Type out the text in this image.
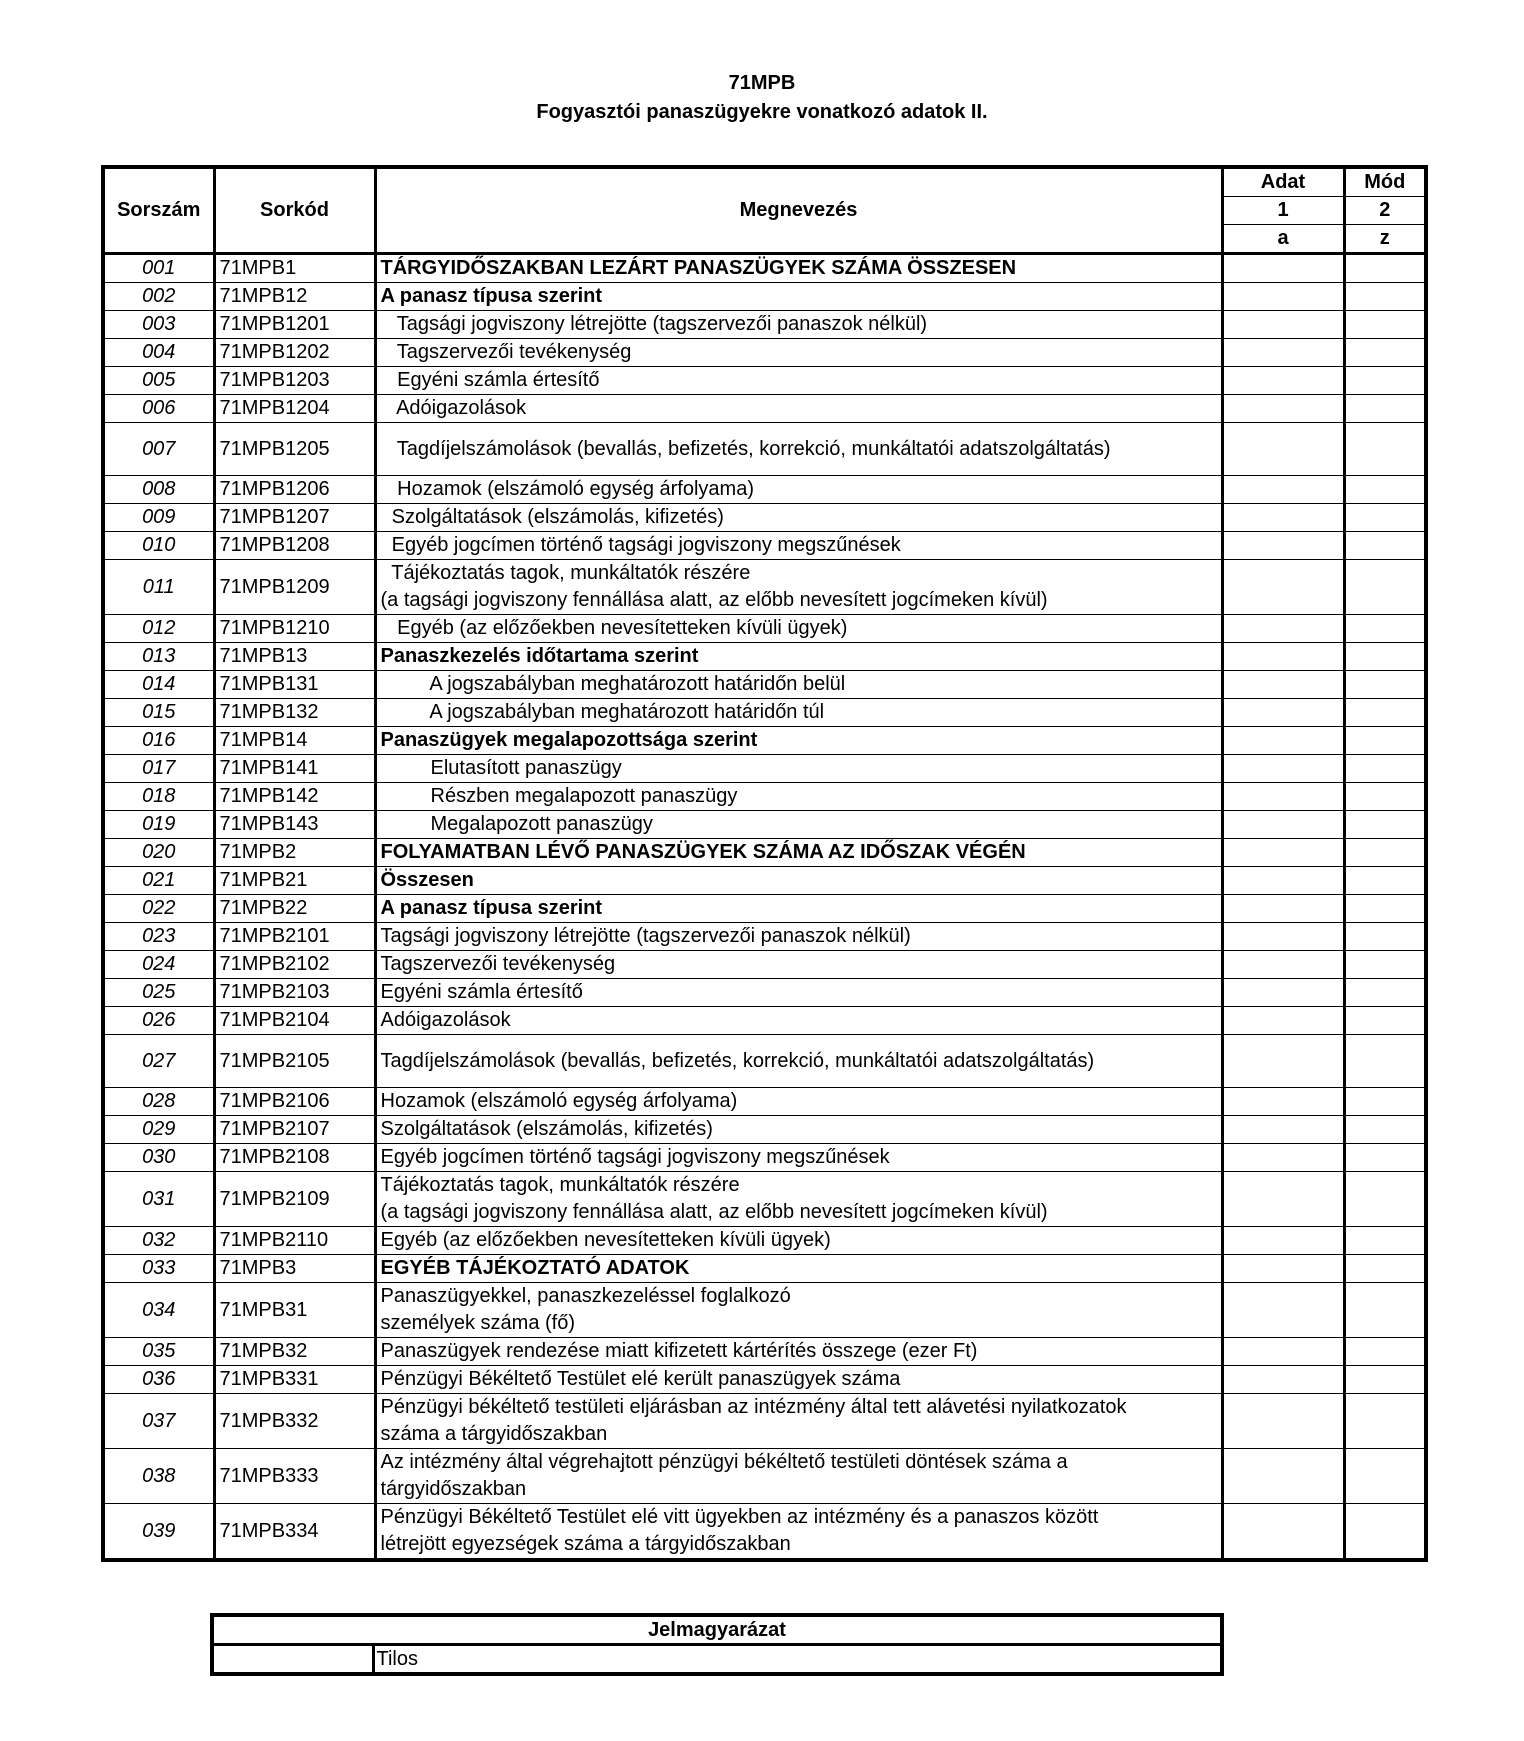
71MPB
Fogyasztói panaszügyekre vonatkozó adatok II.
Sorszám	Sorkód	Megnevezés	Adat	Mód
			1	2
			a	z
001	71MPB1	TÁRGYIDŐSZAKBAN LEZÁRT PANASZÜGYEK SZÁMA ÖSSZESEN		
002	71MPB12	A panasz típusa szerint		
003	71MPB1201	Tagsági jogviszony létrejötte (tagszervezői panaszok nélkül)		
004	71MPB1202	Tagszervezői tevékenység		
005	71MPB1203	Egyéni számla értesítő		
006	71MPB1204	Adóigazolások		
007	71MPB1205	Tagdíjelszámolások (bevallás, befizetés, korrekció, munkáltatói adatszolgáltatás)		
008	71MPB1206	Hozamok (elszámoló egység árfolyama)		
009	71MPB1207	Szolgáltatások (elszámolás, kifizetés)		
010	71MPB1208	Egyéb jogcímen történő tagsági jogviszony megszűnések		
011	71MPB1209	Tájékoztatás tagok, munkáltatók részére
(a tagsági jogviszony fennállása alatt, az előbb nevesített jogcímeken kívül)		

012	71MPB1210	Egyéb (az előzőekben nevesítetteken kívüli ügyek)		
013	71MPB13	Panaszkezelés időtartama szerint		
014	71MPB131	A jogszabályban meghatározott határidőn belül		
015	71MPB132	A jogszabályban meghatározott határidőn túl		
016	71MPB14	Panaszügyek megalapozottsága szerint		
017	71MPB141	Elutasított panaszügy		
018	71MPB142	Részben megalapozott panaszügy		
019	71MPB143	Megalapozott panaszügy		
020	71MPB2	FOLYAMATBAN LÉVŐ PANASZÜGYEK SZÁMA AZ IDŐSZAK VÉGÉN		
021	71MPB21	Összesen		
022	71MPB22	A panasz típusa szerint		
023	71MPB2101	Tagsági jogviszony létrejötte (tagszervezői panaszok nélkül)		
024	71MPB2102	Tagszervezői tevékenység		
025	71MPB2103	Egyéni számla értesítő		
026	71MPB2104	Adóigazolások		
027	71MPB2105	Tagdíjelszámolások (bevallás, befizetés, korrekció, munkáltatói adatszolgáltatás)		
028	71MPB2106	Hozamok (elszámoló egység árfolyama)		
029	71MPB2107	Szolgáltatások (elszámolás, kifizetés)		
030	71MPB2108	Egyéb jogcímen történő tagsági jogviszony megszűnések		
031	71MPB2109	Tájékoztatás tagok, munkáltatók részére
(a tagsági jogviszony fennállása alatt, az előbb nevesített jogcímeken kívül)		

032	71MPB2110	Egyéb (az előzőekben nevesítetteken kívüli ügyek)		
033	71MPB3	EGYÉB TÁJÉKOZTATÓ ADATOK		
034	71MPB31	Panaszügyekkel, panaszkezeléssel foglalkozó
személyek száma (fő)		

035	71MPB32	Panaszügyek rendezése miatt kifizetett kártérítés összege (ezer Ft)		
036	71MPB331	Pénzügyi Békéltető Testület elé került panaszügyek száma		
037	71MPB332	Pénzügyi békéltető testületi eljárásban az intézmény által tett alávetési nyilatkozatok
száma a tárgyidőszakban		

038	71MPB333	Az intézmény által végrehajtott pénzügyi békéltető testületi döntések száma a
tárgyidőszakban		

039	71MPB334	Pénzügyi Békéltető Testület elé vitt ügyekben az intézmény és a panaszos között
létrejött egyezségek száma a tárgyidőszakban		

Jelmagyarázat
	Tilos
